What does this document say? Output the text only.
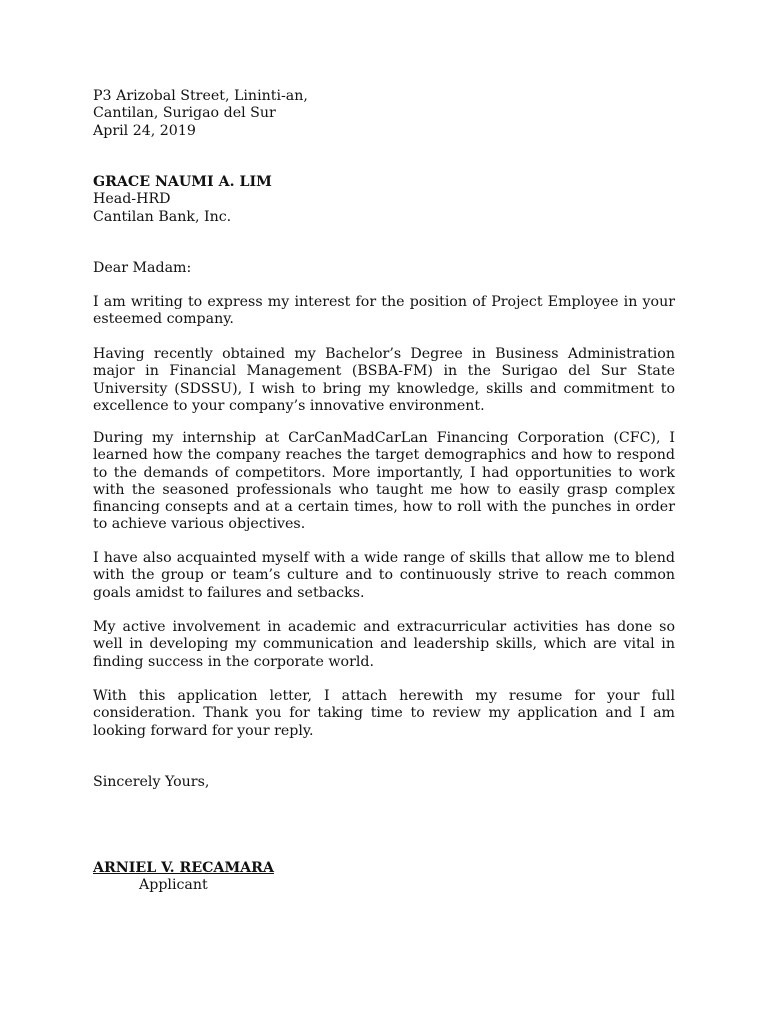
P3 Arizobal Street, Lininti-an,
Cantilan, Surigao del Sur
April 24, 2019
GRACE NAUMI A. LIM
Head-HRD
Cantilan Bank, Inc.
Dear Madam:
I am writing to express my interest for the position of Project Employee in your esteemed company.
Having recently obtained my Bachelor’s Degree in Business Administration major in Financial Management (BSBA-FM) in the Surigao del Sur State University (SDSSU), I wish to bring my knowledge, skills and commitment to excellence to your company’s innovative environment.
During my internship at CarCanMadCarLan Financing Corporation (CFC), I learned how the company reaches the target demographics and how to respond to the demands of competitors. More importantly, I had opportunities to work with the seasoned professionals who taught me how to easily grasp complex financing consepts and at a certain times, how to roll with the punches in order to achieve various objectives.
I have also acquainted myself with a wide range of skills that allow me to blend with the group or team’s culture and to continuously strive to reach common goals amidst to failures and setbacks.
My active involvement in academic and extracurricular activities has done so well in developing my communication and leadership skills, which are vital in finding success in the corporate world.
With this application letter, I attach herewith my resume for your full consideration. Thank you for taking time to review my application and I am looking forward for your reply.
Sincerely Yours,
ARNIEL V. RECAMARA
Applicant
